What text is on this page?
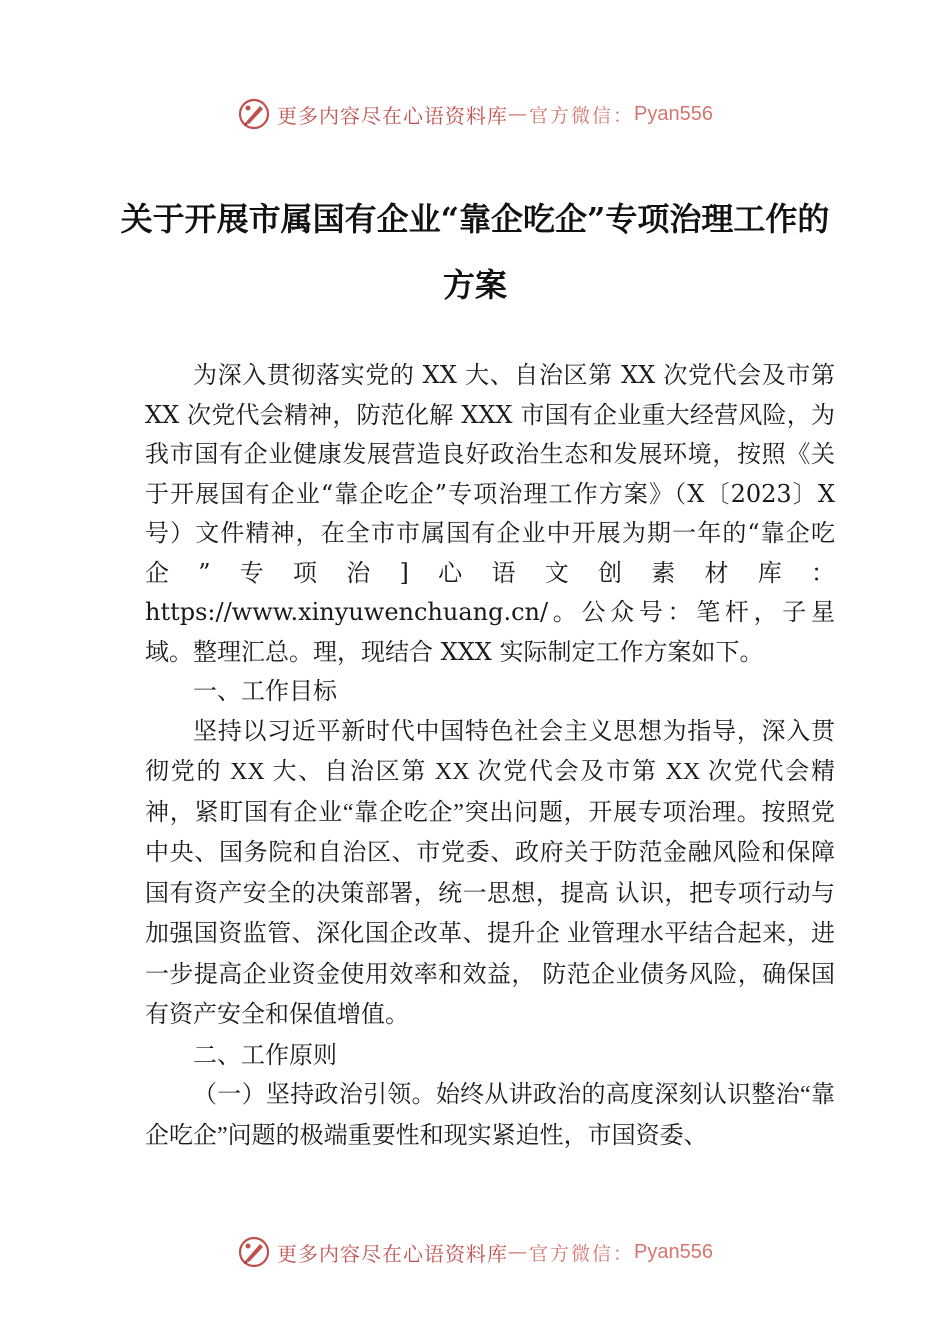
更多内容尽在心语资料库 — 官方微信： Pyan556
关于开展市属国有企业“靠企吃企”专项治理工作的方案

为深入贯彻落实党的 XX 大、自治区第 XX 次党代会及市第 XX 次党代会精神，防范化解 XXX 市国有企业重大经营风险，为我市国有企业健康发展营造良好政治生态和发展环境，按照《关于开展国有企业“靠企吃企”专项治理工作方案》（X〔2023〕X 号）文件精神，在全市市属国有企业中开展为期一年的“靠企吃企”专项治]心语文创素材库：https://www.xinyuwenchuang.cn/。公众号：笔杆，子星域。整理汇总。理，现结合 XXX 实际制定工作方案如下。

一、工作目标

坚持以习近平新时代中国特色社会主义思想为指导，深入贯彻党的 XX 大、自治区第 XX 次党代会及市第 XX 次党代会精神，紧盯国有企业“靠企吃企”突出问题，开展专项治理。按照党中央、国务院和自治区、市党委、政府关于防范金融风险和保障国有资产安全的决策部署，统一思想，提高 认识，把专项行动与加强国资监管、深化国企改革、提升企 业管理水平结合起来，进一步提高企业资金使用效率和效益， 防范企业债务风险，确保国有资产安全和保值增值。

二、工作原则

（一）坚持政治引领。始终从讲政治的高度深刻认识整治“靠企吃企”问题的极端重要性和现实紧迫性，市国资委、

更多内容尽在心语资料库 — 官方微信： Pyan556
